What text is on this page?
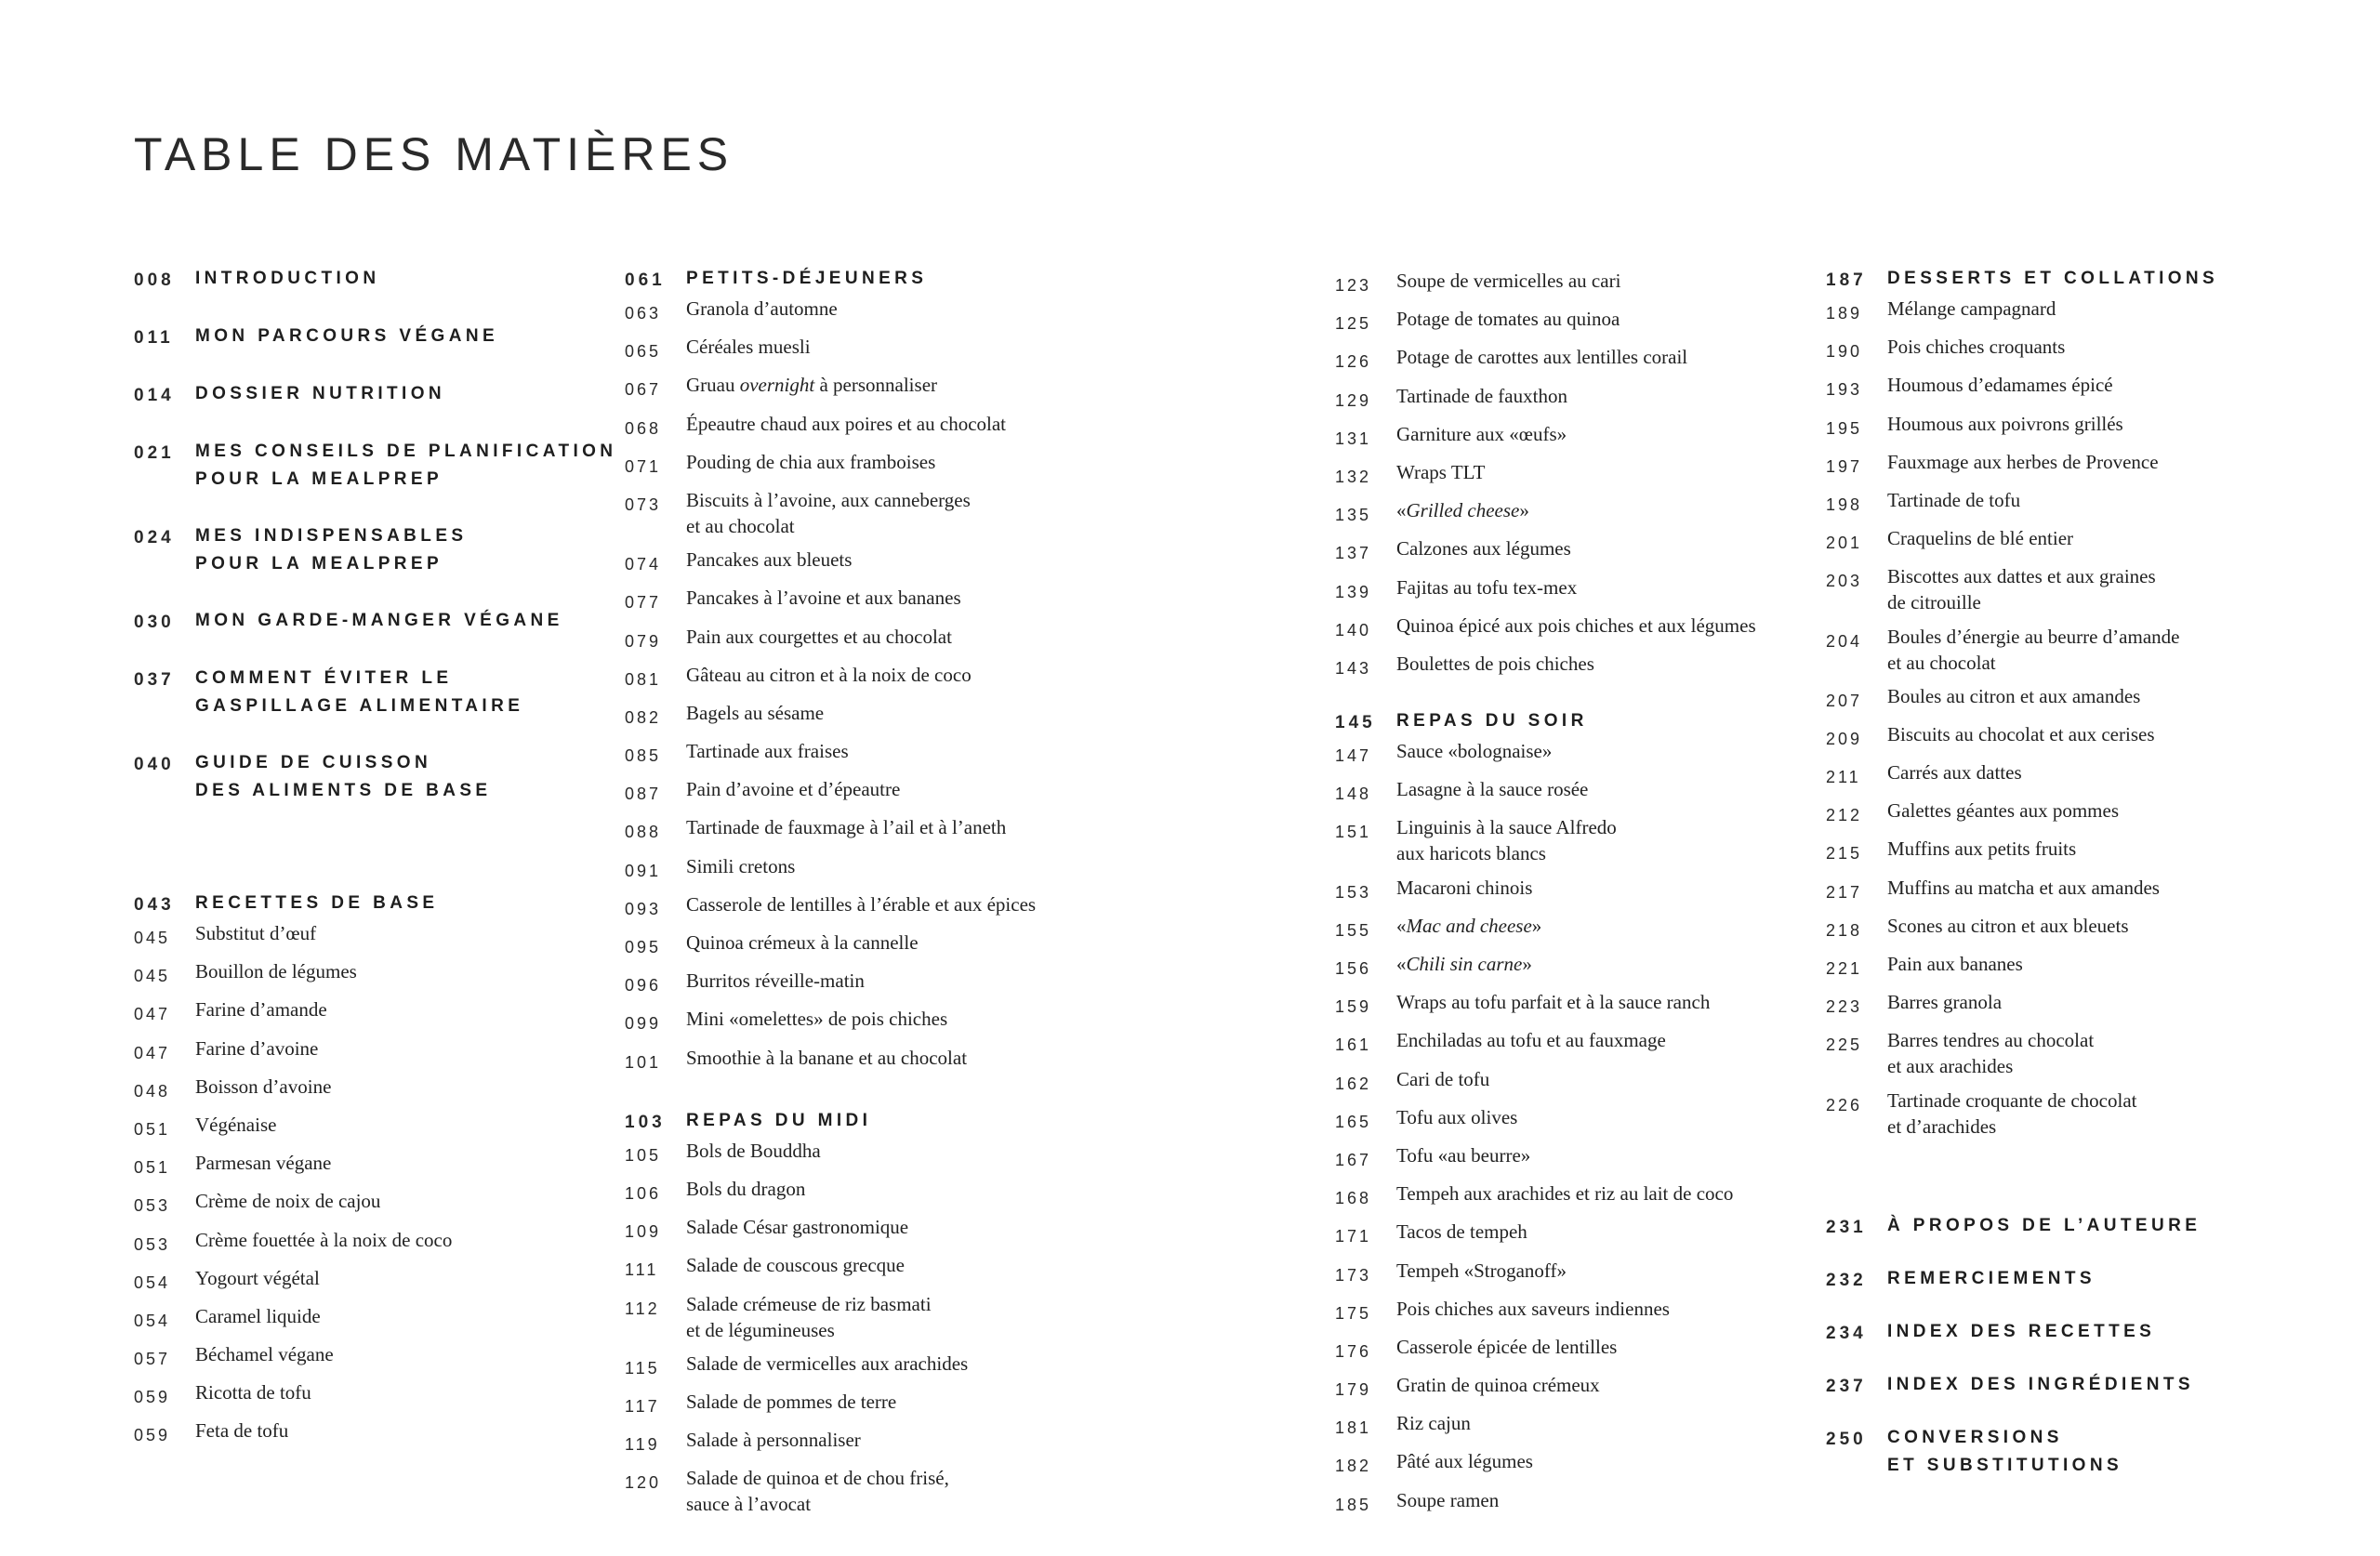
TABLE DES MATIÈRES
008	INTRODUCTION
011	MON PARCOURS VÉGANE
014	DOSSIER NUTRITION
021	MES CONSEILS DE PLANIFICATION
POUR LA MEALPREP
024	MES INDISPENSABLES
POUR LA MEALPREP
030	MON GARDE-MANGER VÉGANE
037	COMMENT ÉVITER LE
GASPILLAGE ALIMENTAIRE
040	GUIDE DE CUISSON
DES ALIMENTS DE BASE
043	RECETTES DE BASE
045	Substitut d’œuf
045	Bouillon de légumes
047	Farine d’amande
047	Farine d’avoine
048	Boisson d’avoine
051	Végénaise
051	Parmesan végane
053	Crème de noix de cajou
053	Crème fouettée à la noix de coco
054	Yogourt végétal
054	Caramel liquide
057	Béchamel végane
059	Ricotta de tofu
059	Feta de tofu
061	PETITS-DÉJEUNERS
063	Granola d’automne
065	Céréales muesli
067	Gruau overnight à personnaliser
068	Épeautre chaud aux poires et au chocolat
071	Pouding de chia aux framboises
073	Biscuits à l’avoine, aux canneberges
et au chocolat
074	Pancakes aux bleuets
077	Pancakes à l’avoine et aux bananes
079	Pain aux courgettes et au chocolat
081	Gâteau au citron et à la noix de coco
082	Bagels au sésame
085	Tartinade aux fraises
087	Pain d’avoine et d’épeautre
088	Tartinade de fauxmage à l’ail et à l’aneth
091	Simili cretons
093	Casserole de lentilles à l’érable et aux épices
095	Quinoa crémeux à la cannelle
096	Burritos réveille-matin
099	Mini «omelettes» de pois chiches
101	Smoothie à la banane et au chocolat
103	REPAS DU MIDI
105	Bols de Bouddha
106	Bols du dragon
109	Salade César gastronomique
111	Salade de couscous grecque
112	Salade crémeuse de riz basmati
et de légumineuses
115	Salade de vermicelles aux arachides
117	Salade de pommes de terre
119	Salade à personnaliser
120	Salade de quinoa et de chou frisé,
sauce à l’avocat
123	Soupe de vermicelles au cari
125	Potage de tomates au quinoa
126	Potage de carottes aux lentilles corail
129	Tartinade de fauxthon
131	Garniture aux «œufs»
132	Wraps TLT
135	«Grilled cheese»
137	Calzones aux légumes
139	Fajitas au tofu tex-mex
140	Quinoa épicé aux pois chiches et aux légumes
143	Boulettes de pois chiches
145	REPAS DU SOIR
147	Sauce «bolognaise»
148	Lasagne à la sauce rosée
151	Linguinis à la sauce Alfredo
aux haricots blancs
153	Macaroni chinois
155	«Mac and cheese»
156	«Chili sin carne»
159	Wraps au tofu parfait et à la sauce ranch
161	Enchiladas au tofu et au fauxmage
162	Cari de tofu
165	Tofu aux olives
167	Tofu «au beurre»
168	Tempeh aux arachides et riz au lait de coco
171	Tacos de tempeh
173	Tempeh «Stroganoff»
175	Pois chiches aux saveurs indiennes
176	Casserole épicée de lentilles
179	Gratin de quinoa crémeux
181	Riz cajun
182	Pâté aux légumes
185	Soupe ramen
187	DESSERTS ET COLLATIONS
189	Mélange campagnard
190	Pois chiches croquants
193	Houmous d’edamames épicé
195	Houmous aux poivrons grillés
197	Fauxmage aux herbes de Provence
198	Tartinade de tofu
201	Craquelins de blé entier
203	Biscottes aux dattes et aux graines
de citrouille
204	Boules d’énergie au beurre d’amande
et au chocolat
207	Boules au citron et aux amandes
209	Biscuits au chocolat et aux cerises
211	Carrés aux dattes
212	Galettes géantes aux pommes
215	Muffins aux petits fruits
217	Muffins au matcha et aux amandes
218	Scones au citron et aux bleuets
221	Pain aux bananes
223	Barres granola
225	Barres tendres au chocolat
et aux arachides
226	Tartinade croquante de chocolat
et d’arachides
231	À PROPOS DE L’AUTEURE
232	REMERCIEMENTS
234	INDEX DES RECETTES
237	INDEX DES INGRÉDIENTS
250	CONVERSIONS
ET SUBSTITUTIONS
